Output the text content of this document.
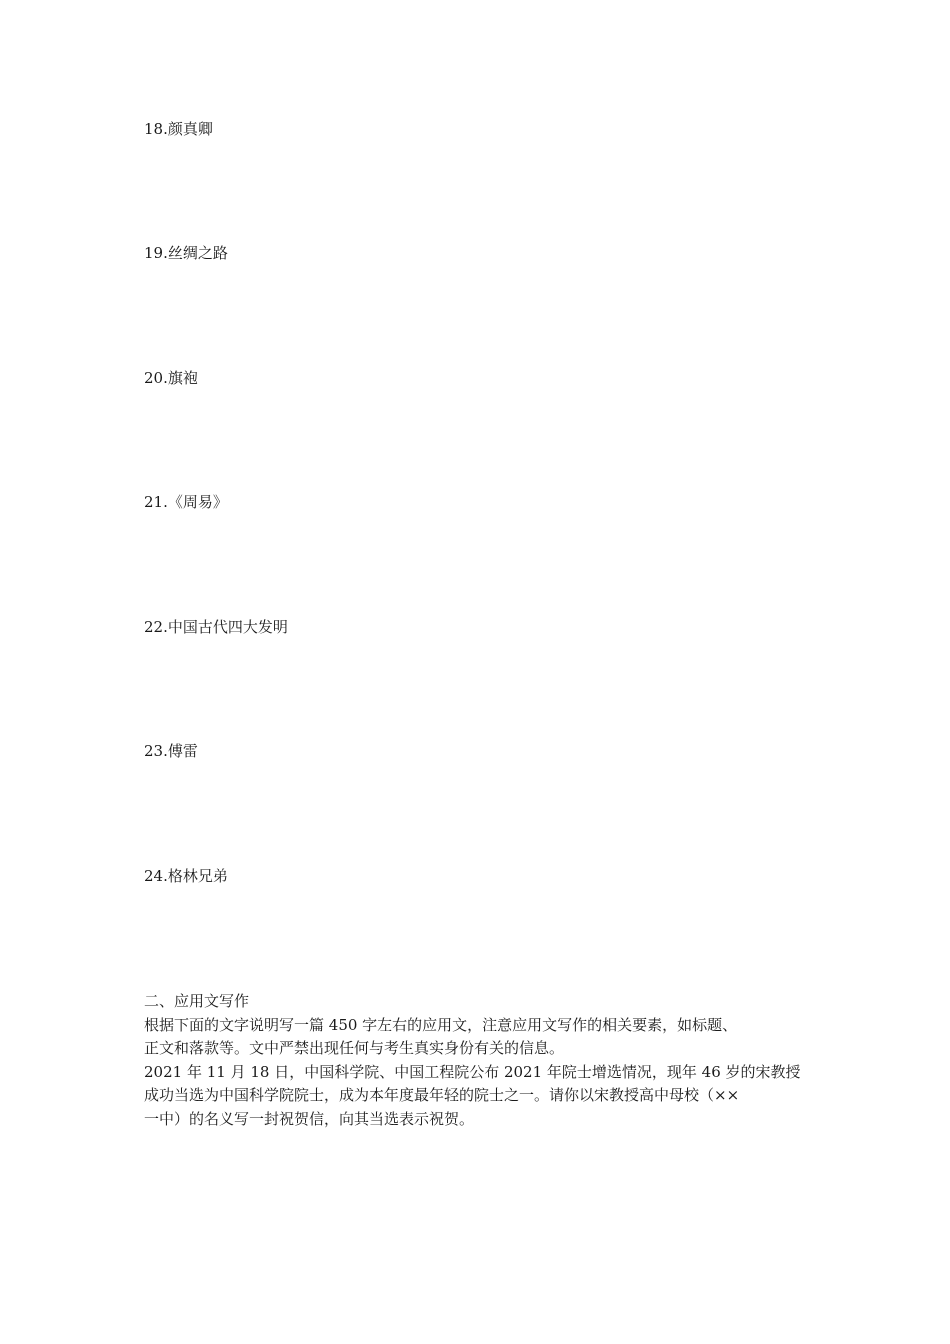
18.颜真卿
19.丝绸之路
20.旗袍
21.《周易》
22.中国古代四大发明
23.傅雷
24.格林兄弟

二、应用文写作

根据下面的文字说明写一篇 450 字左右的应用文，注意应用文写作的相关要素，如标题、
正文和落款等。文中严禁出现任何与考生真实身份有关的信息。

2021 年 11 月 18 日，中国科学院、中国工程院公布 2021 年院士增选情况，现年 46 岁的宋教授
成功当选为中国科学院院士，成为本年度最年轻的院士之一。请你以宋教授高中母校（××
一中）的名义写一封祝贺信，向其当选表示祝贺。
